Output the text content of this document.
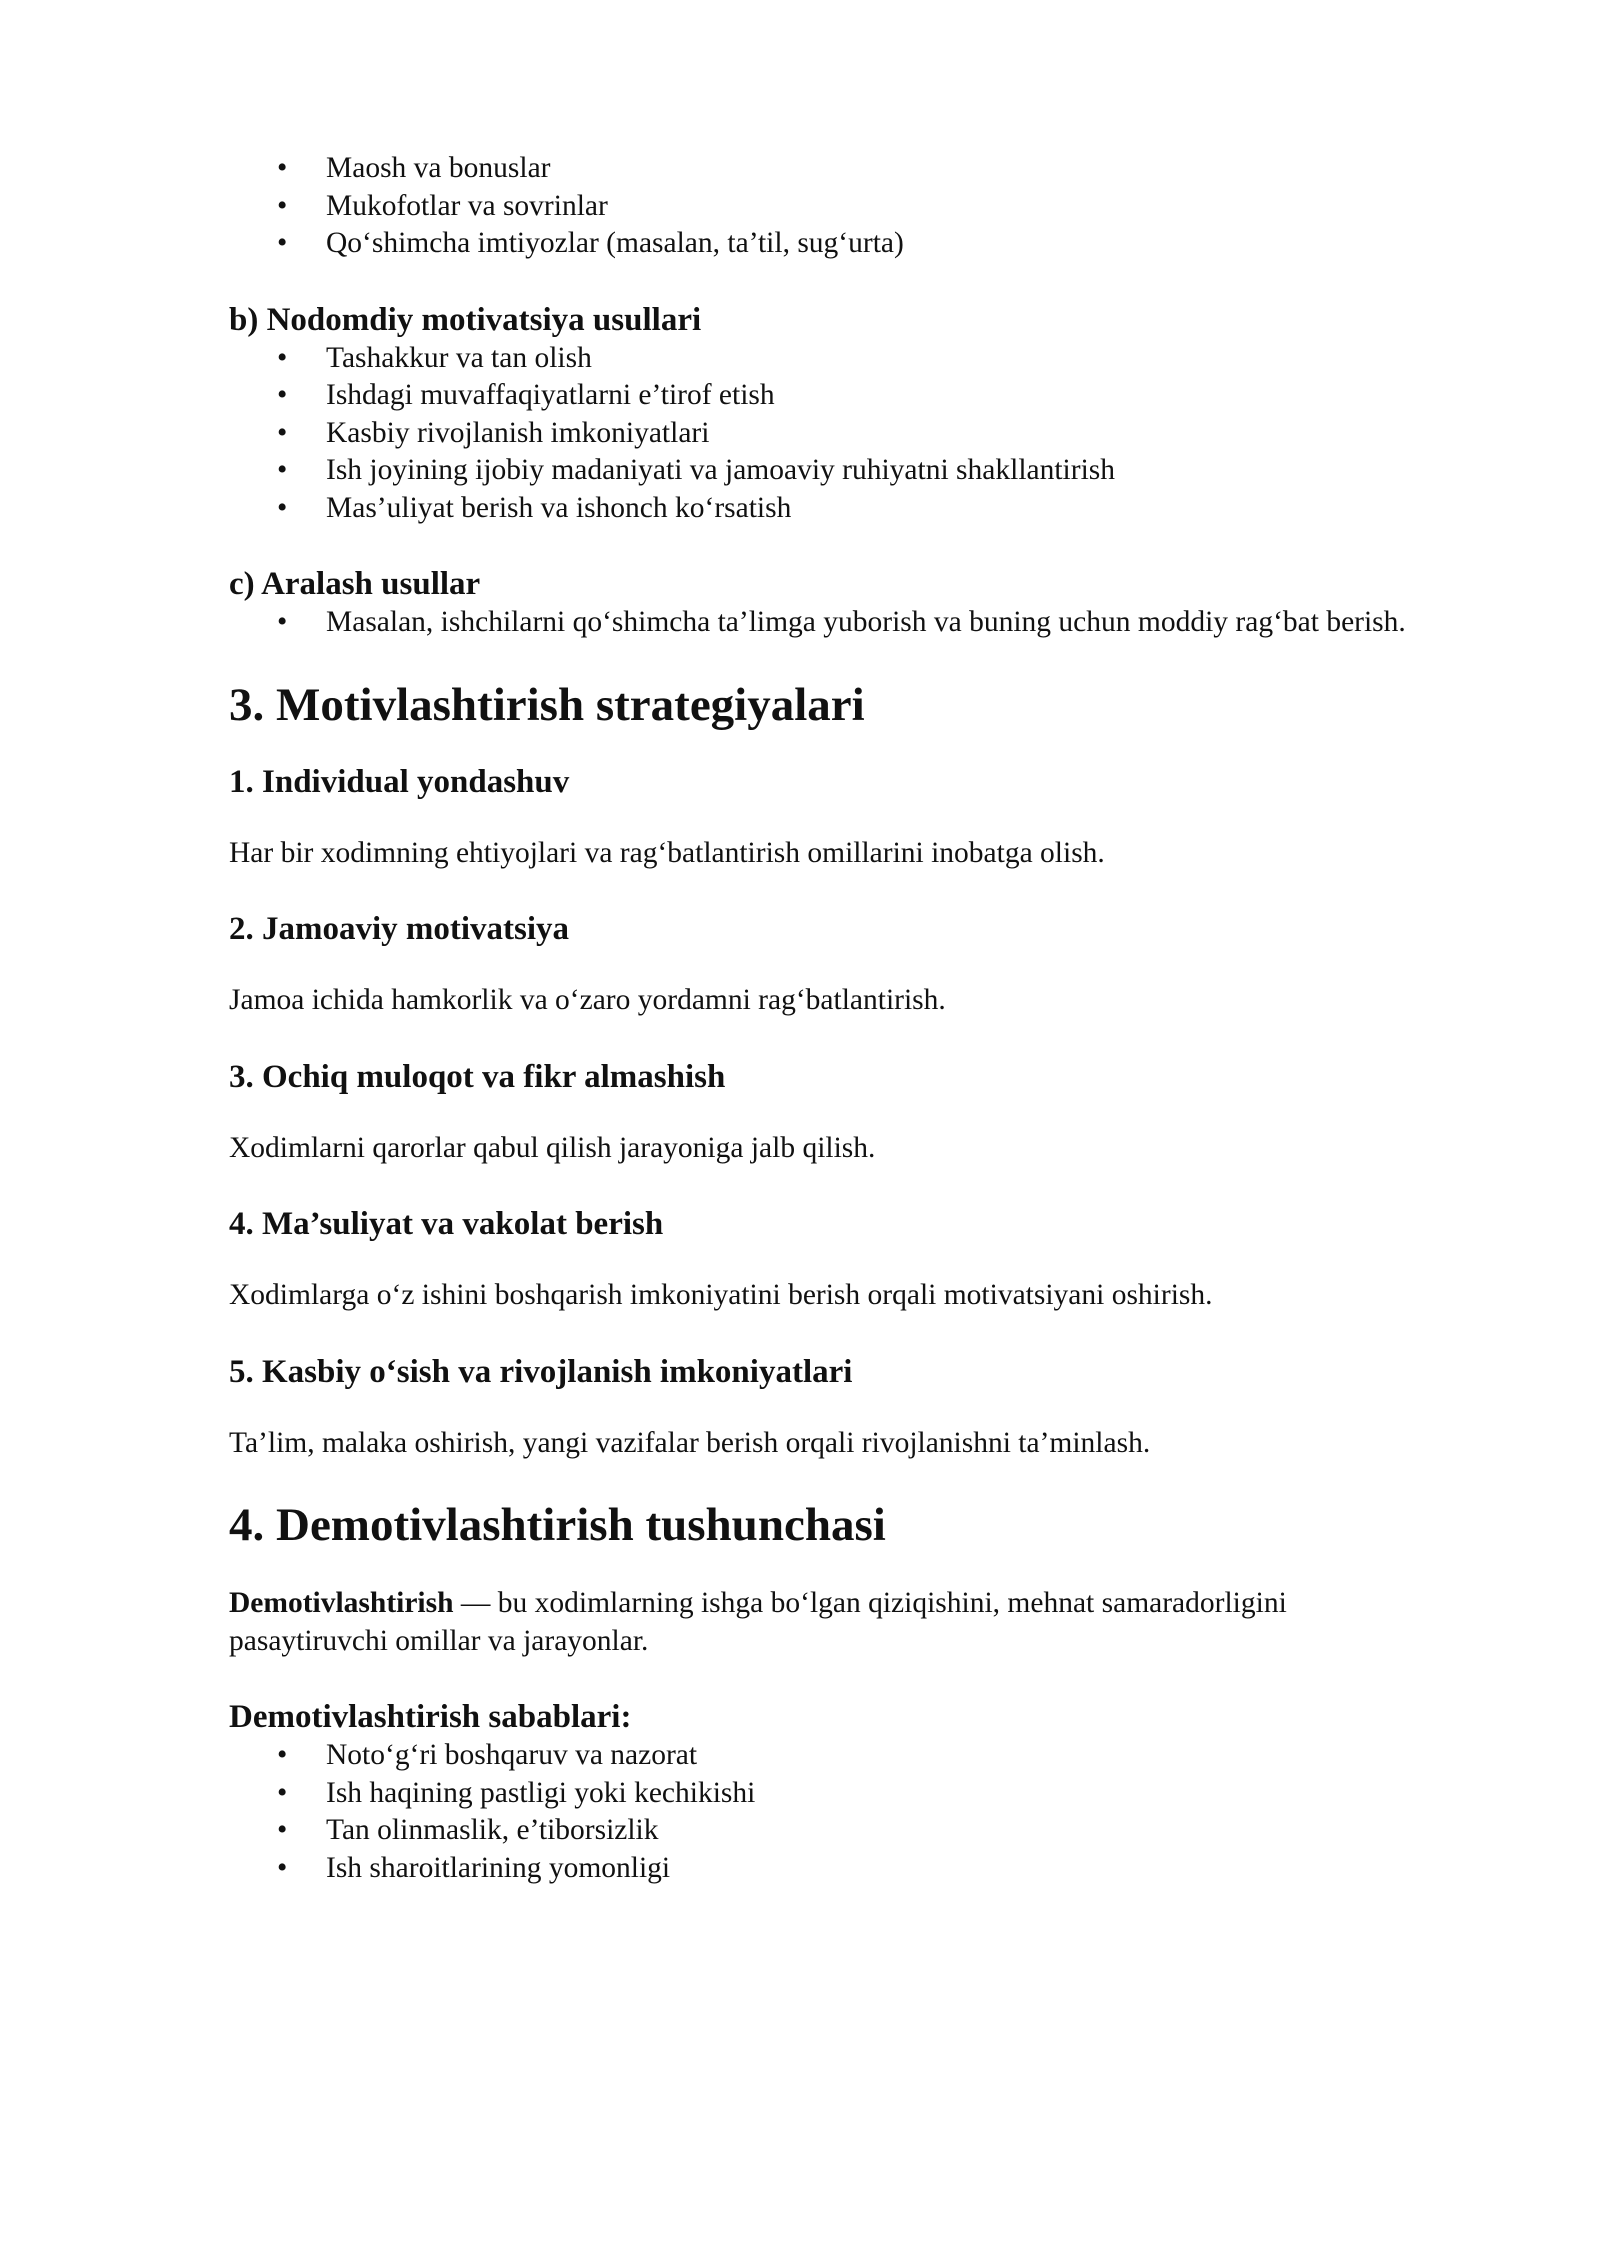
• Maosh va bonuslar
• Mukofotlar va sovrinlar
• Qo‘shimcha imtiyozlar (masalan, ta’til, sug‘urta)
b) Nodomdiy motivatsiya usullari
• Tashakkur va tan olish
• Ishdagi muvaffaqiyatlarni e’tirof etish
• Kasbiy rivojlanish imkoniyatlari
• Ish joyining ijobiy madaniyati va jamoaviy ruhiyatni shakllantirish
• Mas’uliyat berish va ishonch ko‘rsatish
c) Aralash usullar
• Masalan, ishchilarni qo‘shimcha ta’limga yuborish va buning uchun moddiy rag‘bat berish.
3. Motivlashtirish strategiyalari
1. Individual yondashuv

Har bir xodimning ehtiyojlari va rag‘batlantirish omillarini inobatga olish.

2. Jamoaviy motivatsiya

Jamoa ichida hamkorlik va o‘zaro yordamni rag‘batlantirish.

3. Ochiq muloqot va fikr almashish

Xodimlarni qarorlar qabul qilish jarayoniga jalb qilish.

4. Ma’suliyat va vakolat berish

Xodimlarga o‘z ishini boshqarish imkoniyatini berish orqali motivatsiyani oshirish.

5. Kasbiy o‘sish va rivojlanish imkoniyatlari

Ta’lim, malaka oshirish, yangi vazifalar berish orqali rivojlanishni ta’minlash.

4. Demotivlashtirish tushunchasi

Demotivlashtirish — bu xodimlarning ishga bo‘lgan qiziqishini, mehnat samaradorligini pasaytiruvchi omillar va jarayonlar.

Demotivlashtirish sabablari:
• Noto‘g‘ri boshqaruv va nazorat
• Ish haqining pastligi yoki kechikishi
• Tan olinmaslik, e’tiborsizlik
• Ish sharoitlarining yomonligi
